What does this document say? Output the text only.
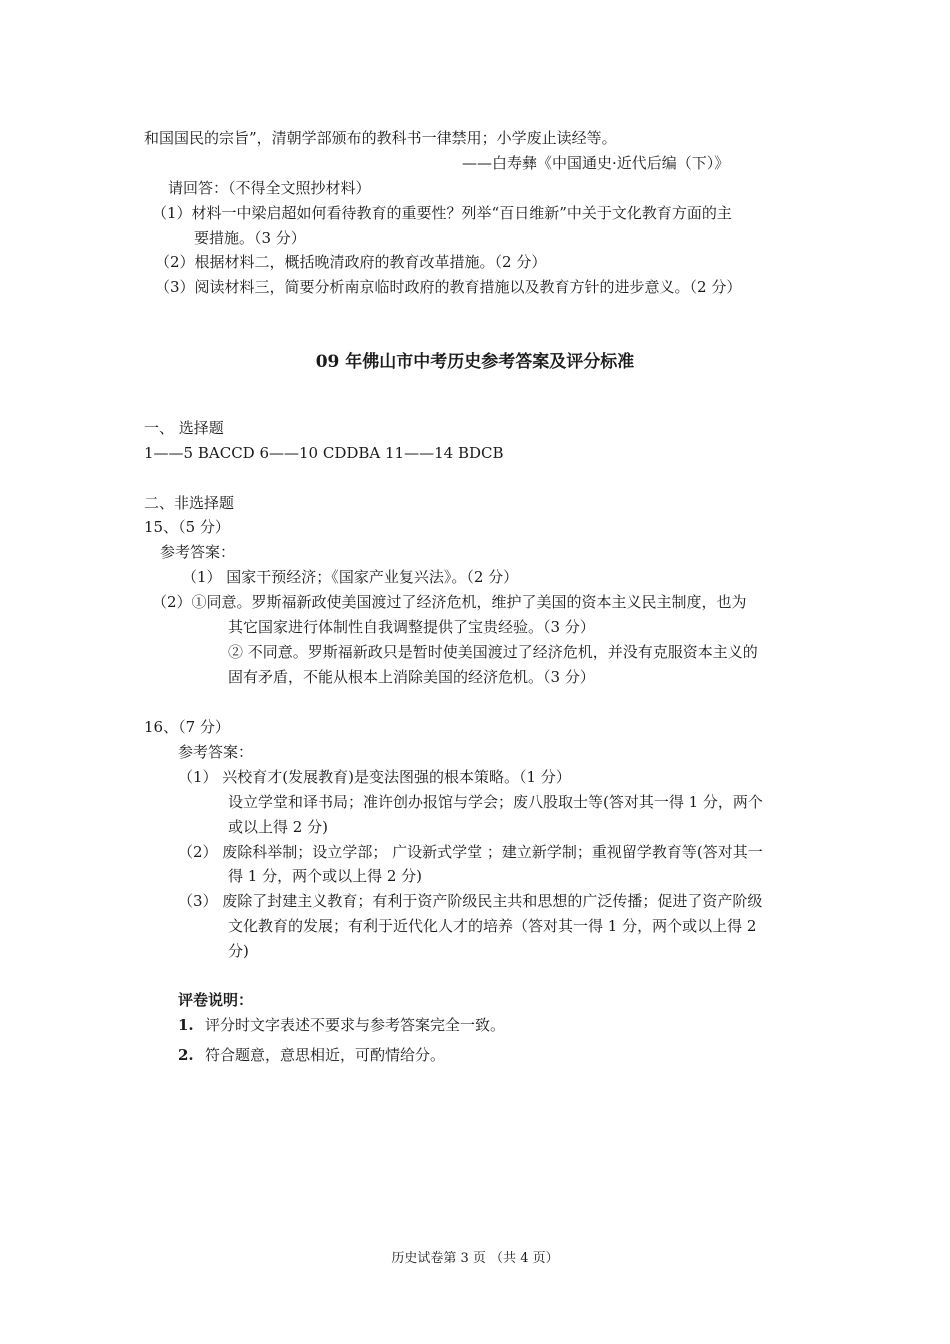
和国国民的宗旨”，清朝学部颁布的教科书一律禁用；小学废止读经等。
——白寿彝《中国通史·近代后编（下）》
请回答：（不得全文照抄材料）
（1）材料一中梁启超如何看待教育的重要性？列举“百日维新”中关于文化教育方面的主
要措施。（3 分）
（2）根据材料二，概括晚清政府的教育改革措施。（2 分）
（3）阅读材料三，简要分析南京临时政府的教育措施以及教育方针的进步意义。（2 分）
09 年佛山市中考历史参考答案及评分标准
一、 选择题
1——5 BACCD 6——10 CDDBA 11——14 BDCB
二、非选择题
15、（5 分）
参考答案：
（1） 国家干预经济；《国家产业复兴法》。（2 分）
（2）①同意。罗斯福新政使美国渡过了经济危机，维护了美国的资本主义民主制度，也为
其它国家进行体制性自我调整提供了宝贵经验。（3 分）
② 不同意。罗斯福新政只是暂时使美国渡过了经济危机，并没有克服资本主义的
固有矛盾，不能从根本上消除美国的经济危机。（3 分）
16、（7 分）
参考答案：
（1） 兴校育才(发展教育)是变法图强的根本策略。（1 分）
设立学堂和译书局；准许创办报馆与学会；废八股取士等(答对其一得 1 分，两个
或以上得 2 分)
（2） 废除科举制；设立学部； 广设新式学堂 ；建立新学制；重视留学教育等(答对其一
得 1 分，两个或以上得 2 分)
（3） 废除了封建主义教育；有利于资产阶级民主共和思想的广泛传播；促进了资产阶级
文化教育的发展；有利于近代化人才的培养（答对其一得 1 分，两个或以上得 2
分)
评卷说明：
1. 评分时文字表述不要求与参考答案完全一致。
2. 符合题意，意思相近，可酌情给分。
历史试卷第 3 页 （共 4 页）
